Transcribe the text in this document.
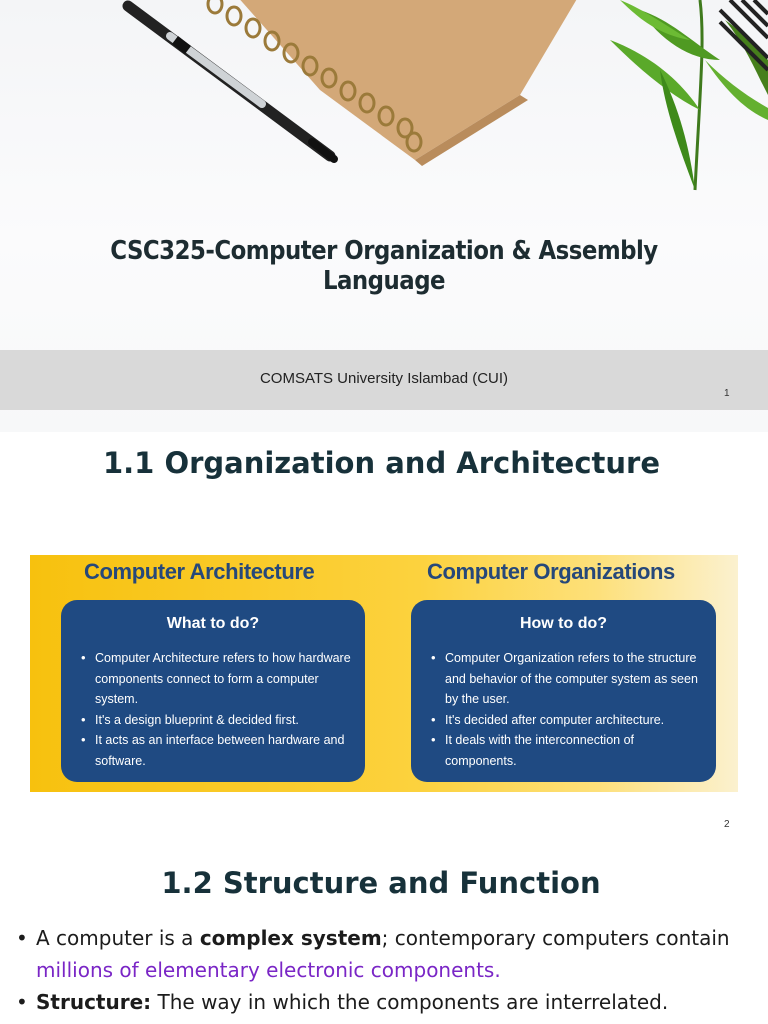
CSC325-Computer Organization & Assembly Language
COMSATS University Islambad (CUI)
1
1.1 Organization and Architecture
Computer Architecture	Computer Organizations
What to do?
• Computer Architecture refers to how hardware components connect to form a computer system.
• It's a design blueprint & decided first.
• It acts as an interface between hardware and software.
How to do?
• Computer Organization refers to the structure and behavior of the computer system as seen by the user.
• It's decided after computer architecture.
• It deals with the interconnection of components.
2
1.2 Structure and Function
• A computer is a complex system; contemporary computers contain millions of elementary electronic components.
• Structure: The way in which the components are interrelated.
